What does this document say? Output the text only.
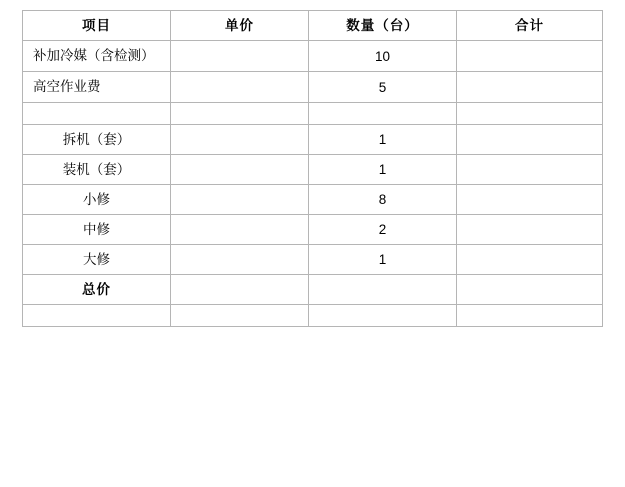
项目	单价	数量（台）	合计
补加冷媒（含检测）		10	
高空作业费		5	

拆机（套）		1	
装机（套）		1	
小修		8	
中修		2	
大修		1	
总价			
